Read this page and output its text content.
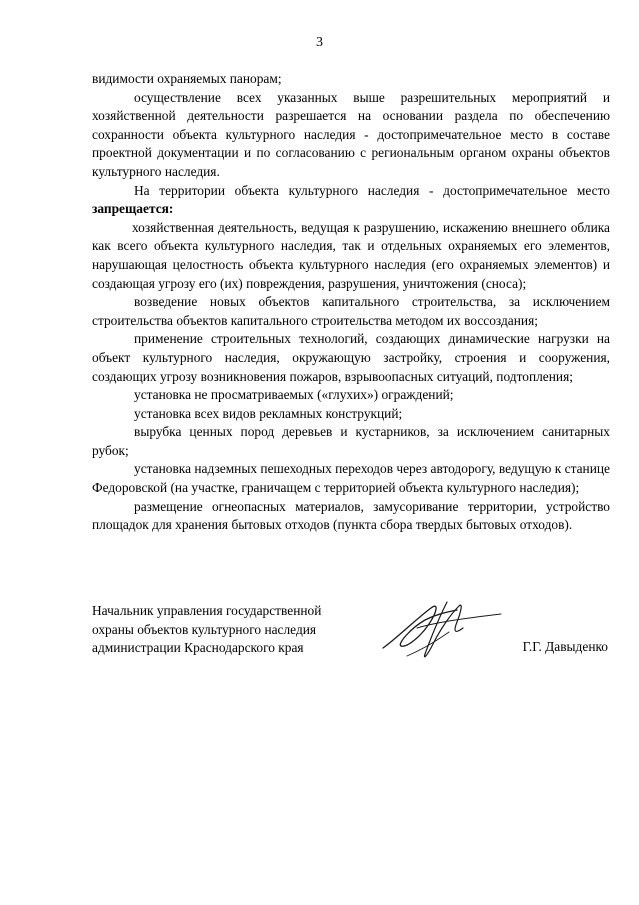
3

видимости охраняемых панорам;

осуществление всех указанных выше разрешительных мероприятий и хозяйственной деятельности разрешается на основании раздела по обеспечению сохранности объекта культурного наследия - достопримечательное место в составе проектной документации и по согласованию с региональным органом охраны объектов культурного наследия.

На территории объекта культурного наследия - достопримечательное место запрещается:

хозяйственная деятельность, ведущая к разрушению, искажению внешнего облика как всего объекта культурного наследия, так и отдельных охраняемых его элементов, нарушающая целостность объекта культурного наследия (его охраняемых элементов) и создающая угрозу его (их) повреждения, разрушения, уничтожения (сноса);

возведение новых объектов капитального строительства, за исключением строительства объектов капитального строительства методом их воссоздания;

применение строительных технологий, создающих динамические нагрузки на объект культурного наследия, окружающую застройку, строения и сооружения, создающих угрозу возникновения пожаров, взрывоопасных ситуаций, подтопления;

установка не просматриваемых («глухих») ограждений;

установка всех видов рекламных конструкций;

вырубка ценных пород деревьев и кустарников, за исключением санитарных рубок;

установка надземных пешеходных переходов через автодорогу, ведущую к станице Федоровской (на участке, граничащем с территорией объекта культурного наследия);

размещение огнеопасных материалов, замусоривание территории, устройство площадок для хранения бытовых отходов (пункта сбора твердых бытовых отходов).

Начальник управления государственной
охраны объектов культурного наследия
администрации Краснодарского края	Г.Г. Давыденко
